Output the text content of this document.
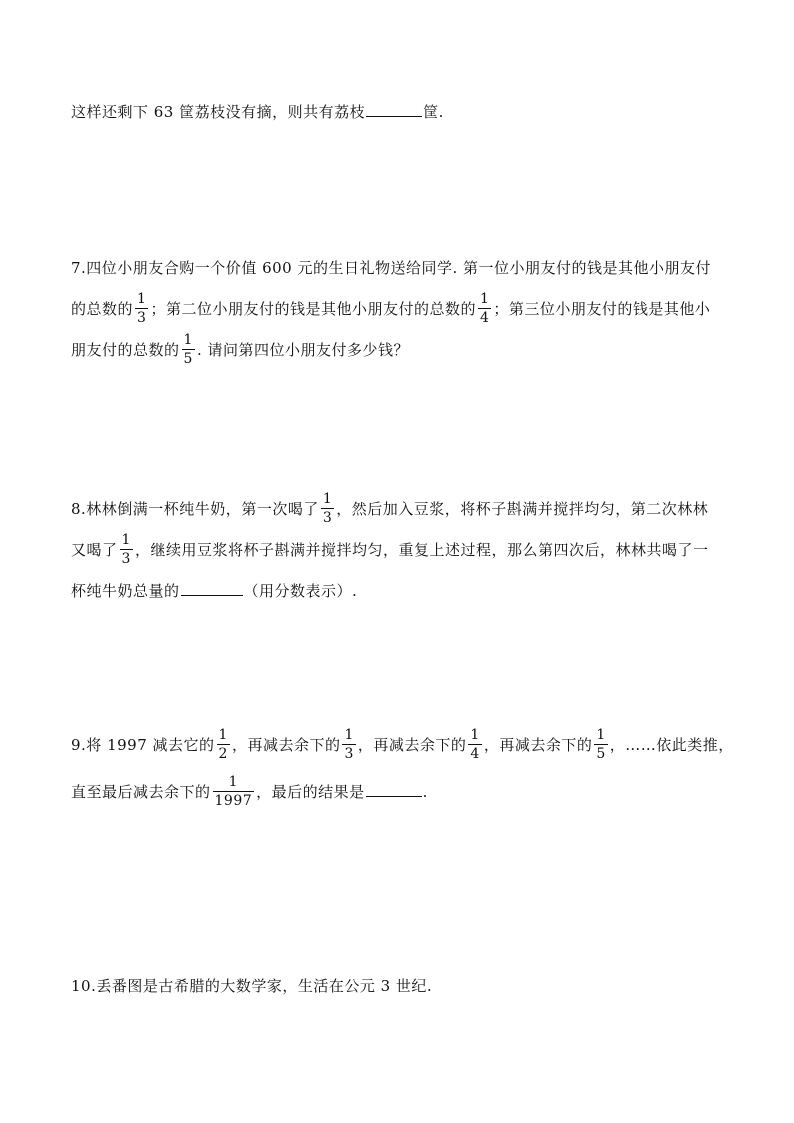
这样还剩下 63 筐荔枝没有摘，则共有荔枝	筐.
7.四位小朋友合购一个价值 600 元的生日礼物送给同学. 第一位小朋友付的钱是其他小朋友付
的总数的 $\frac{1}{3}$ ；第二位小朋友付的钱是其他小朋友付的总数的 $\frac{1}{4}$ ；第三位小朋友付的钱是其他小
朋友付的总数的 $\frac{1}{5}$ . 请问第四位小朋友付多少钱？
8.林林倒满一杯纯牛奶，第一次喝了 $\frac{1}{3}$ ，然后加入豆浆，将杯子斟满并搅拌均匀，第二次林林
又喝了 $\frac{1}{3}$ ，继续用豆浆将杯子斟满并搅拌均匀，重复上述过程，那么第四次后，林林共喝了一
杯纯牛奶总量的	（用分数表示）.
9.将 1997 减去它的 $\frac{1}{2}$ ，再减去余下的 $\frac{1}{3}$ ，再减去余下的 $\frac{1}{4}$ ，再减去余下的 $\frac{1}{5}$ ，……依此类推，
直至最后减去余下的 $\frac{1}{1997}$ ，最后的结果是	.
10.丢番图是古希腊的大数学家，生活在公元 3 世纪.
